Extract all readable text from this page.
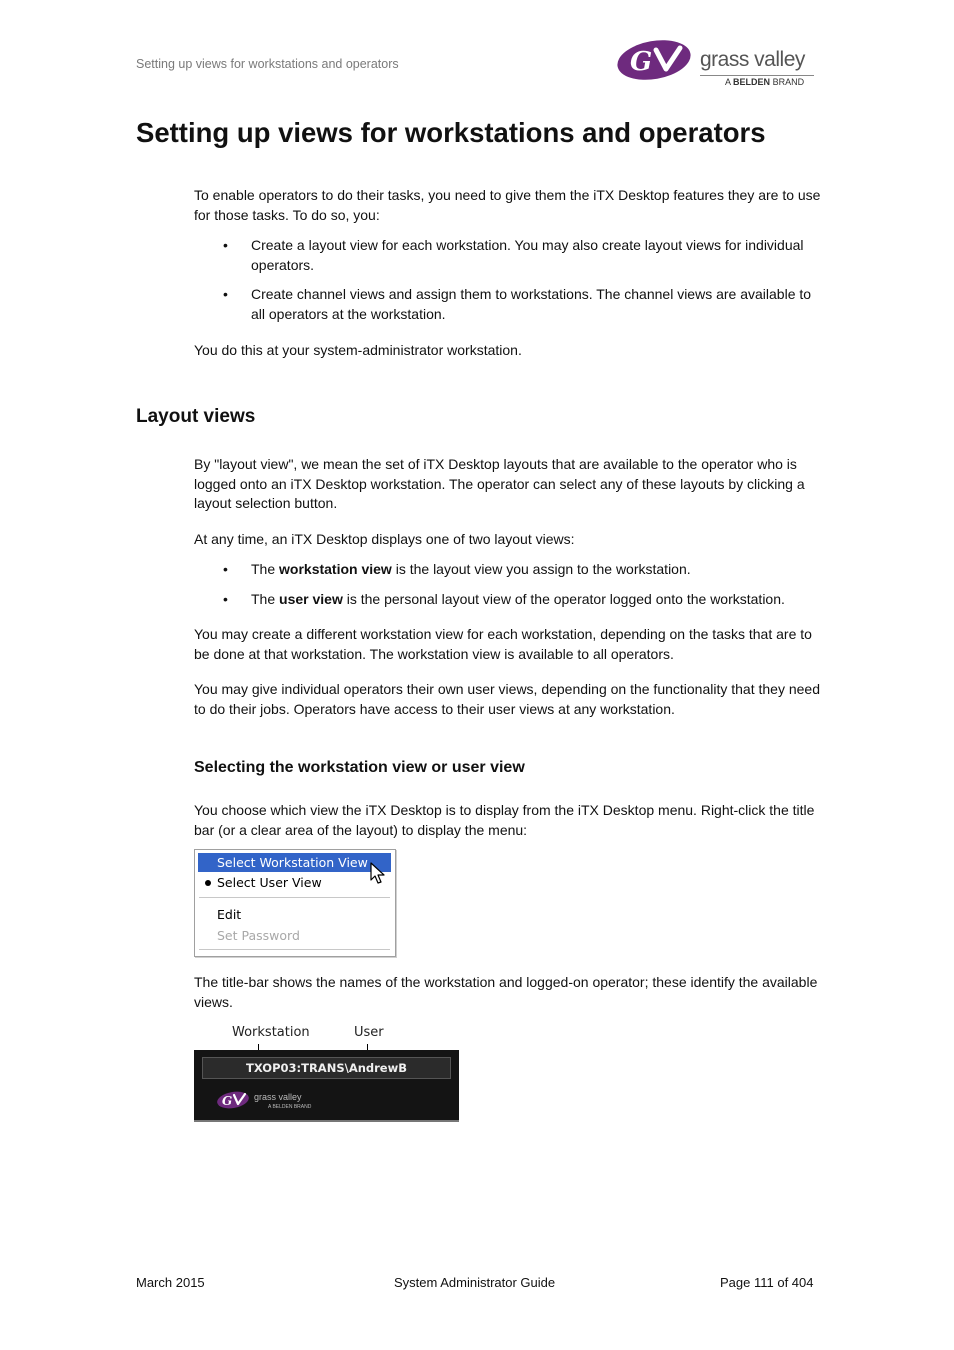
Setting up views for workstations and operators	G grass valley
A BELDEN BRAND
Setting up views for workstations and operators

To enable operators to do their tasks, you need to give them the iTX Desktop features they are to use for those tasks. To do so, you:

• Create a layout view for each workstation. You may also create layout views for individual operators.
• Create channel views and assign them to workstations. The channel views are available to all operators at the workstation.

You do this at your system-administrator workstation.

Layout views

By "layout view", we mean the set of iTX Desktop layouts that are available to the operator who is logged onto an iTX Desktop workstation. The operator can select any of these layouts by clicking a layout selection button.

At any time, an iTX Desktop displays one of two layout views:

• The workstation view is the layout view you assign to the workstation.
• The user view is the personal layout view of the operator logged onto the workstation.

You may create a different workstation view for each workstation, depending on the tasks that are to be done at that workstation. The workstation view is available to all operators.

You may give individual operators their own user views, depending on the functionality that they need to do their jobs. Operators have access to their user views at any workstation.

Selecting the workstation view or user view

You choose which view the iTX Desktop is to display from the iTX Desktop menu. Right-click the title bar (or a clear area of the layout) to display the menu:

Select Workstation View
Select User View
Edit
Set Password

The title-bar shows the names of the workstation and logged-on operator; these identify the available views.

Workstation	User
TXOP03:TRANS\AndrewB
G grass valley
A BELDEN BRAND
March 2015	System Administrator Guide	Page 111 of 404
